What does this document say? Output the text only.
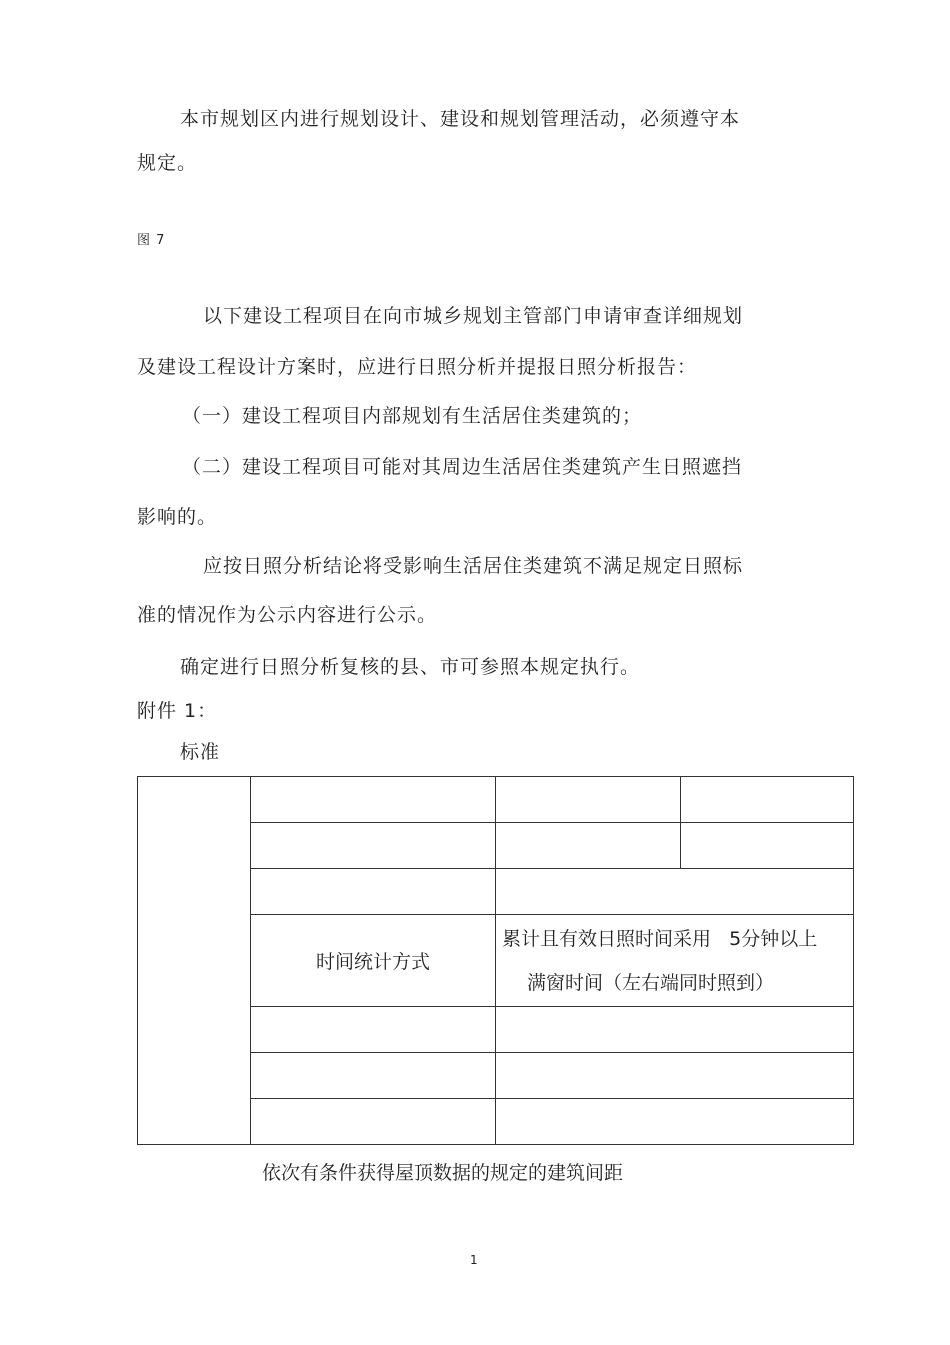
本市规划区内进行规划设计、建设和规划管理活动，必须遵守本
规定。
图 7
以下建设工程项目在向市城乡规划主管部门申请审查详细规划
及建设工程设计方案时，应进行日照分析并提报日照分析报告：
（一）建设工程项目内部规划有生活居住类建筑的；
（二）建设工程项目可能对其周边生活居住类建筑产生日照遮挡
影响的。
应按日照分析结论将受影响生活居住类建筑不满足规定日照标
准的情况作为公示内容进行公示。
确定进行日照分析复核的县、市可参照本规定执行。
附件 1：
标准

	时间统计方式	累计且有效日照时间采用   5分钟以上
满窗时间（左右端同时照到）	

依次有条件获得屋顶数据的规定的建筑间距
1
